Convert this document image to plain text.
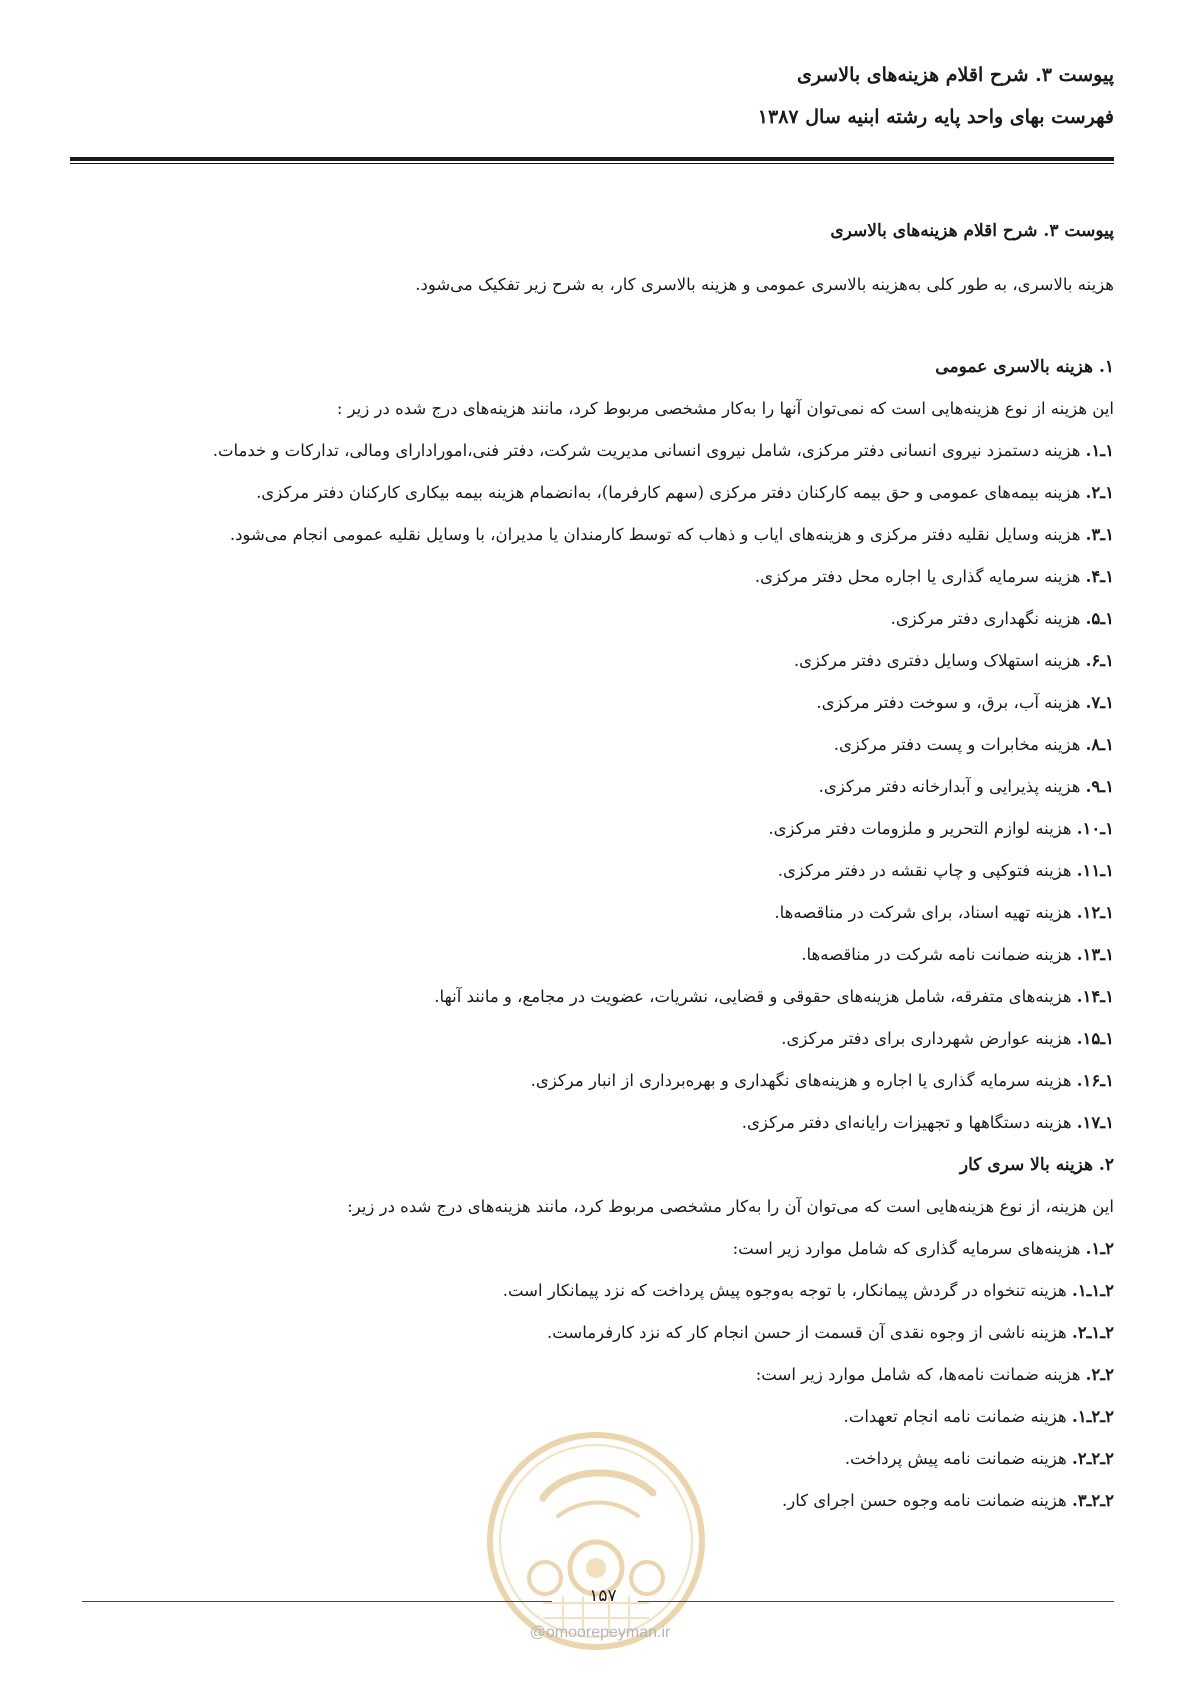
پیوست ۳. شرح اقلام هزینه‌های بالاسری
فهرست بهای واحد پایه رشته ابنیه سال ۱۳۸۷
پیوست ۳. شرح اقلام هزینه‌های بالاسری
هزینه بالاسری، به طور کلی به‌هزینه بالاسری عمومی و هزینه بالاسری کار، به شرح زیر تفکیک می‌شود.
۱. هزینه بالاسری عمومی
این هزینه از نوع هزینه‌هایی است که نمی‌توان آنها را به‌کار مشخصی مربوط کرد، مانند هزینه‌های درج شده در زیر :
۱ـ۱. هزینه دستمزد نیروی انسانی دفتر مرکزی، شامل نیروی انسانی مدیریت شرکت، دفتر فنی،امورادارای ومالی، تدارکات و خدمات.
۱ـ۲. هزینه بیمه‌های عمومی و حق بیمه کارکنان دفتر مرکزی (سهم کارفرما)، به‌انضمام هزینه بیمه بیکاری کارکنان دفتر مرکزی.
۱ـ۳. هزینه وسایل نقلیه دفتر مرکزی و هزینه‌های ایاب و ذهاب که توسط کارمندان یا مدیران، با وسایل نقلیه عمومی انجام می‌شود.
۱ـ۴. هزینه سرمایه گذاری یا اجاره محل دفتر مرکزی.
۱ـ۵. هزینه نگهداری دفتر مرکزی.
۱ـ۶. هزینه استهلاک وسایل دفتری دفتر مرکزی.
۱ـ۷. هزینه آب، برق، و سوخت دفتر مرکزی.
۱ـ۸. هزینه مخابرات و پست دفتر مرکزی.
۱ـ۹. هزینه پذیرایی و آبدارخانه دفتر مرکزی.
۱ـ۱۰. هزینه لوازم التحریر و ملزومات دفتر مرکزی.
۱ـ۱۱. هزینه فتوکپی و چاپ نقشه در دفتر مرکزی.
۱ـ۱۲. هزینه تهیه اسناد، برای شرکت در مناقصه‌ها.
۱ـ۱۳. هزینه ضمانت نامه شرکت در مناقصه‌ها.
۱ـ۱۴. هزینه‌های متفرقه، شامل هزینه‌های حقوقی و قضایی، نشریات، عضویت در مجامع، و مانند آنها.
۱ـ۱۵. هزینه عوارض شهرداری برای دفتر مرکزی.
۱ـ۱۶. هزینه سرمایه گذاری یا اجاره و هزینه‌های نگهداری و بهره‌برداری از انبار مرکزی.
۱ـ۱۷. هزینه دستگاهها و تجهیزات رایانه‌ای دفتر مرکزی.
۲. هزینه بالا سری کار
این هزینه، از نوع هزینه‌هایی است که می‌توان آن را به‌کار مشخصی مربوط کرد، مانند هزینه‌های درج شده در زیر:
۲ـ۱. هزینه‌های سرمایه گذاری که شامل موارد زیر است:
۲ـ۱ـ۱. هزینه تنخواه در گردش پیمانکار، با توجه به‌وجوه پیش پرداخت که نزد پیمانکار است.
۲ـ۱ـ۲. هزینه ناشی از وجوه نقدی آن قسمت از حسن انجام کار که نزد کارفرماست.
۲ـ۲. هزینه ضمانت نامه‌ها، که شامل موارد زیر است:
۲ـ۲ـ۱. هزینه ضمانت نامه انجام تعهدات.
۲ـ۲ـ۲. هزینه ضمانت نامه پیش پرداخت.
۲ـ۲ـ۳. هزینه ضمانت نامه وجوه حسن اجرای کار.
۱۵۷
@omoorepeyman.ir
